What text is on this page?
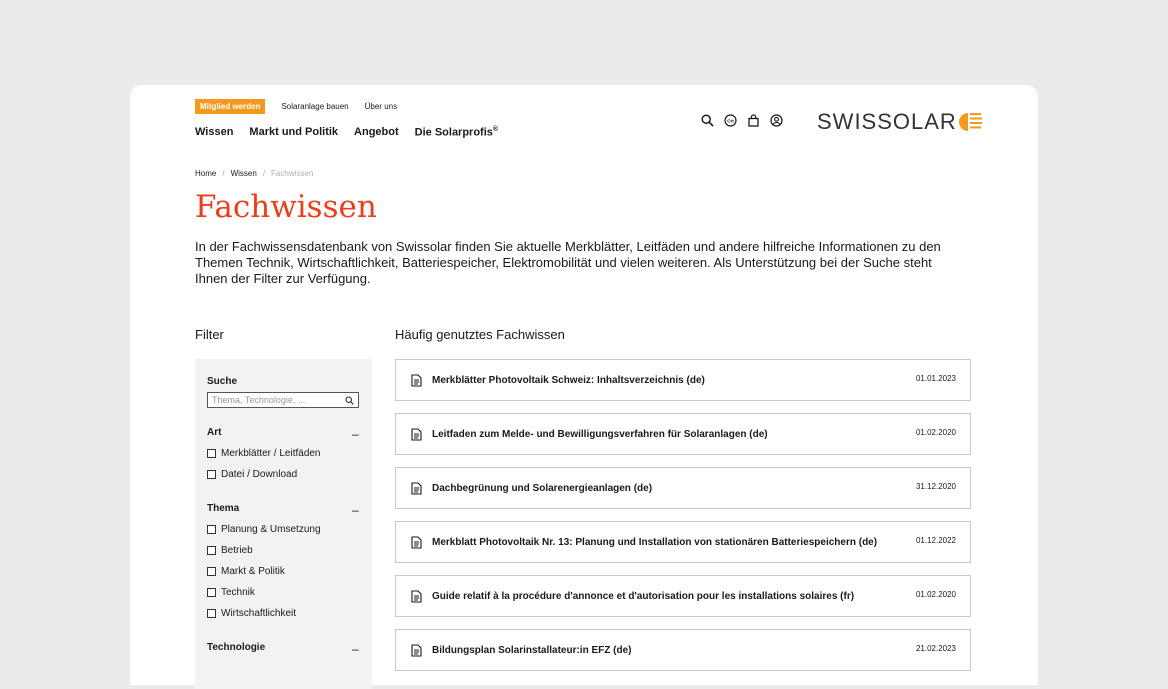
Mitglied werden	Solaranlage bauen Über uns
Wissen Markt und Politik Angebot Die Solarprofis®
CH	SWISSOLAR
Home / Wissen / Fachwissen
Fachwissen

In der Fachwissensdatenbank von Swissolar finden Sie aktuelle Merkblätter, Leitfäden und andere hilfreiche Informationen zu den Themen Technik, Wirtschaftlichkeit, Batteriespeicher, Elektromobilität und vielen weiteren. Als Unterstützung bei der Suche steht Ihnen der Filter zur Verfügung.

Filter	Häufig genutztes Fachwissen
Suche
Thema, Technologie, ...
Art	–
Merkblätter / Leitfäden
Datei / Download
Thema	–
Planung & Umsetzung
Betrieb
Markt & Politik
Technik
Wirtschaftlichkeit
Technologie	–
Merkblätter Photovoltaik Schweiz: Inhaltsverzeichnis (de)	01.01.2023
Leitfaden zum Melde- und Bewilligungsverfahren für Solaranlagen (de)	01.02.2020
Dachbegrünung und Solarenergieanlagen (de)	31.12.2020
Merkblatt Photovoltaik Nr. 13: Planung und Installation von stationären Batteriespeichern (de)	01.12.2022
Guide relatif à la procédure d'annonce et d'autorisation pour les installations solaires (fr)	01.02.2020
Bildungsplan Solarinstallateur:in EFZ (de)	21.02.2023
